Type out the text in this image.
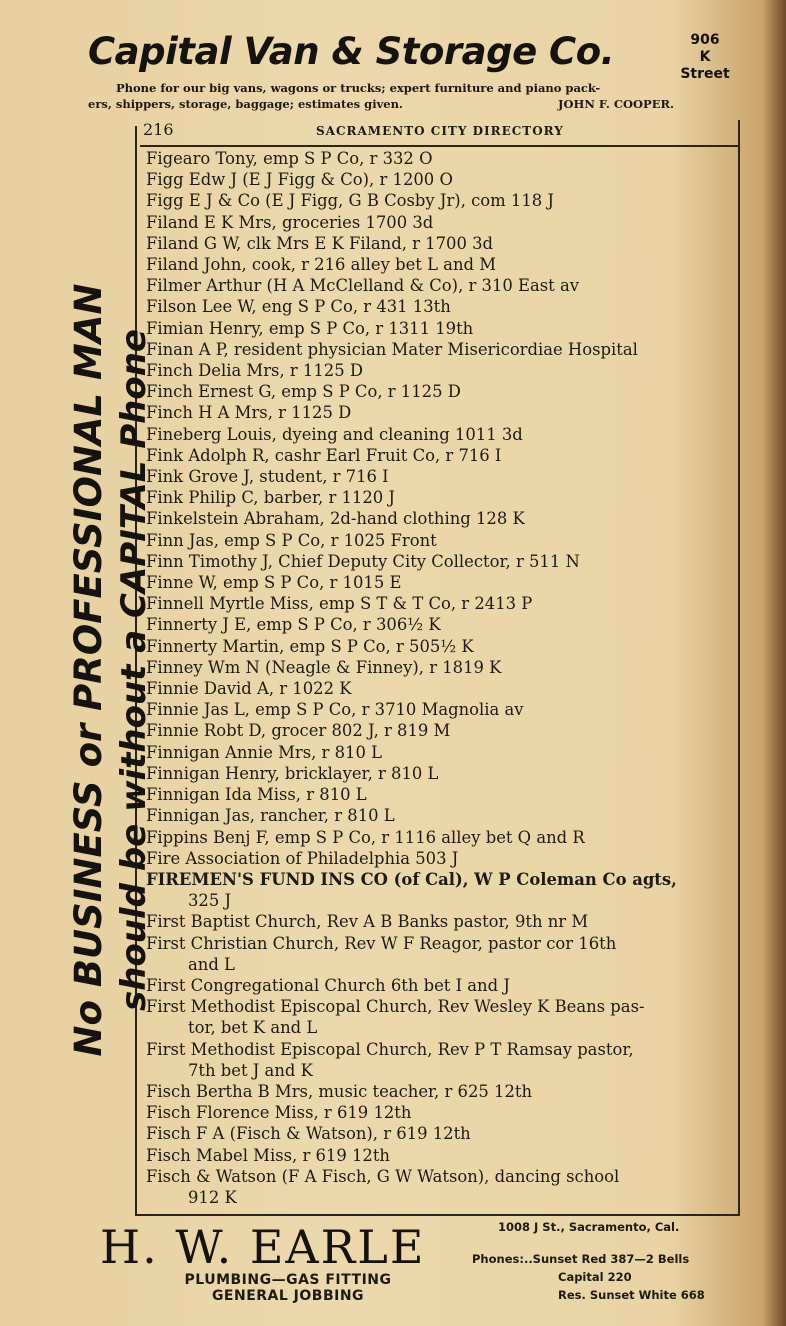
Capital Van & Storage Co.	906
K Street
Phone for our big vans, wagons or trucks; expert furniture and piano pack-
ers, shippers, storage, baggage; estimates given.	JOHN F. COOPER.
No BUSINESS or PROFESSIONAL MAN should be without a CAPITAL Phone
216	SACRAMENTO CITY DIRECTORY
Figearo Tony, emp S P Co, r 332 O
Figg Edw J (E J Figg & Co), r 1200 O
Figg E J & Co (E J Figg, G B Cosby Jr), com 118 J
Filand E K Mrs, groceries 1700 3d
Filand G W, clk Mrs E K Filand, r 1700 3d
Filand John, cook, r 216 alley bet L and M
Filmer Arthur (H A McClelland & Co), r 310 East av
Filson Lee W, eng S P Co, r 431 13th
Fimian Henry, emp S P Co, r 1311 19th
Finan A P, resident physician Mater Misericordiae Hospital
Finch Delia Mrs, r 1125 D
Finch Ernest G, emp S P Co, r 1125 D
Finch H A Mrs, r 1125 D
Fineberg Louis, dyeing and cleaning 1011 3d
Fink Adolph R, cashr Earl Fruit Co, r 716 I
Fink Grove J, student, r 716 I
Fink Philip C, barber, r 1120 J
Finkelstein Abraham, 2d-hand clothing 128 K
Finn Jas, emp S P Co, r 1025 Front
Finn Timothy J, Chief Deputy City Collector, r 511 N
Finne W, emp S P Co, r 1015 E
Finnell Myrtle Miss, emp S T & T Co, r 2413 P
Finnerty J E, emp S P Co, r 306½ K
Finnerty Martin, emp S P Co, r 505½ K
Finney Wm N (Neagle & Finney), r 1819 K
Finnie David A, r 1022 K
Finnie Jas L, emp S P Co, r 3710 Magnolia av
Finnie Robt D, grocer 802 J, r 819 M
Finnigan Annie Mrs, r 810 L
Finnigan Henry, bricklayer, r 810 L
Finnigan Ida Miss, r 810 L
Finnigan Jas, rancher, r 810 L
Fippins Benj F, emp S P Co, r 1116 alley bet Q and R
Fire Association of Philadelphia 503 J
FIREMEN'S FUND INS CO (of Cal), W P Coleman Co agts,
325 J
First Baptist Church, Rev A B Banks pastor, 9th nr M
First Christian Church, Rev W F Reagor, pastor cor 16th
and L
First Congregational Church 6th bet I and J
First Methodist Episcopal Church, Rev Wesley K Beans pas-
tor, bet K and L
First Methodist Episcopal Church, Rev P T Ramsay pastor,
7th bet J and K
Fisch Bertha B Mrs, music teacher, r 625 12th
Fisch Florence Miss, r 619 12th
Fisch F A (Fisch & Watson), r 619 12th
Fisch Mabel Miss, r 619 12th
Fisch & Watson (F A Fisch, G W Watson), dancing school
912 K
H. W. EARLE
PLUMBING—GAS FITTING
GENERAL JOBBING
1008 J St., Sacramento, Cal.
Phones:..Sunset Red 387—2 Bells
Capital 220
Res. Sunset White 668
